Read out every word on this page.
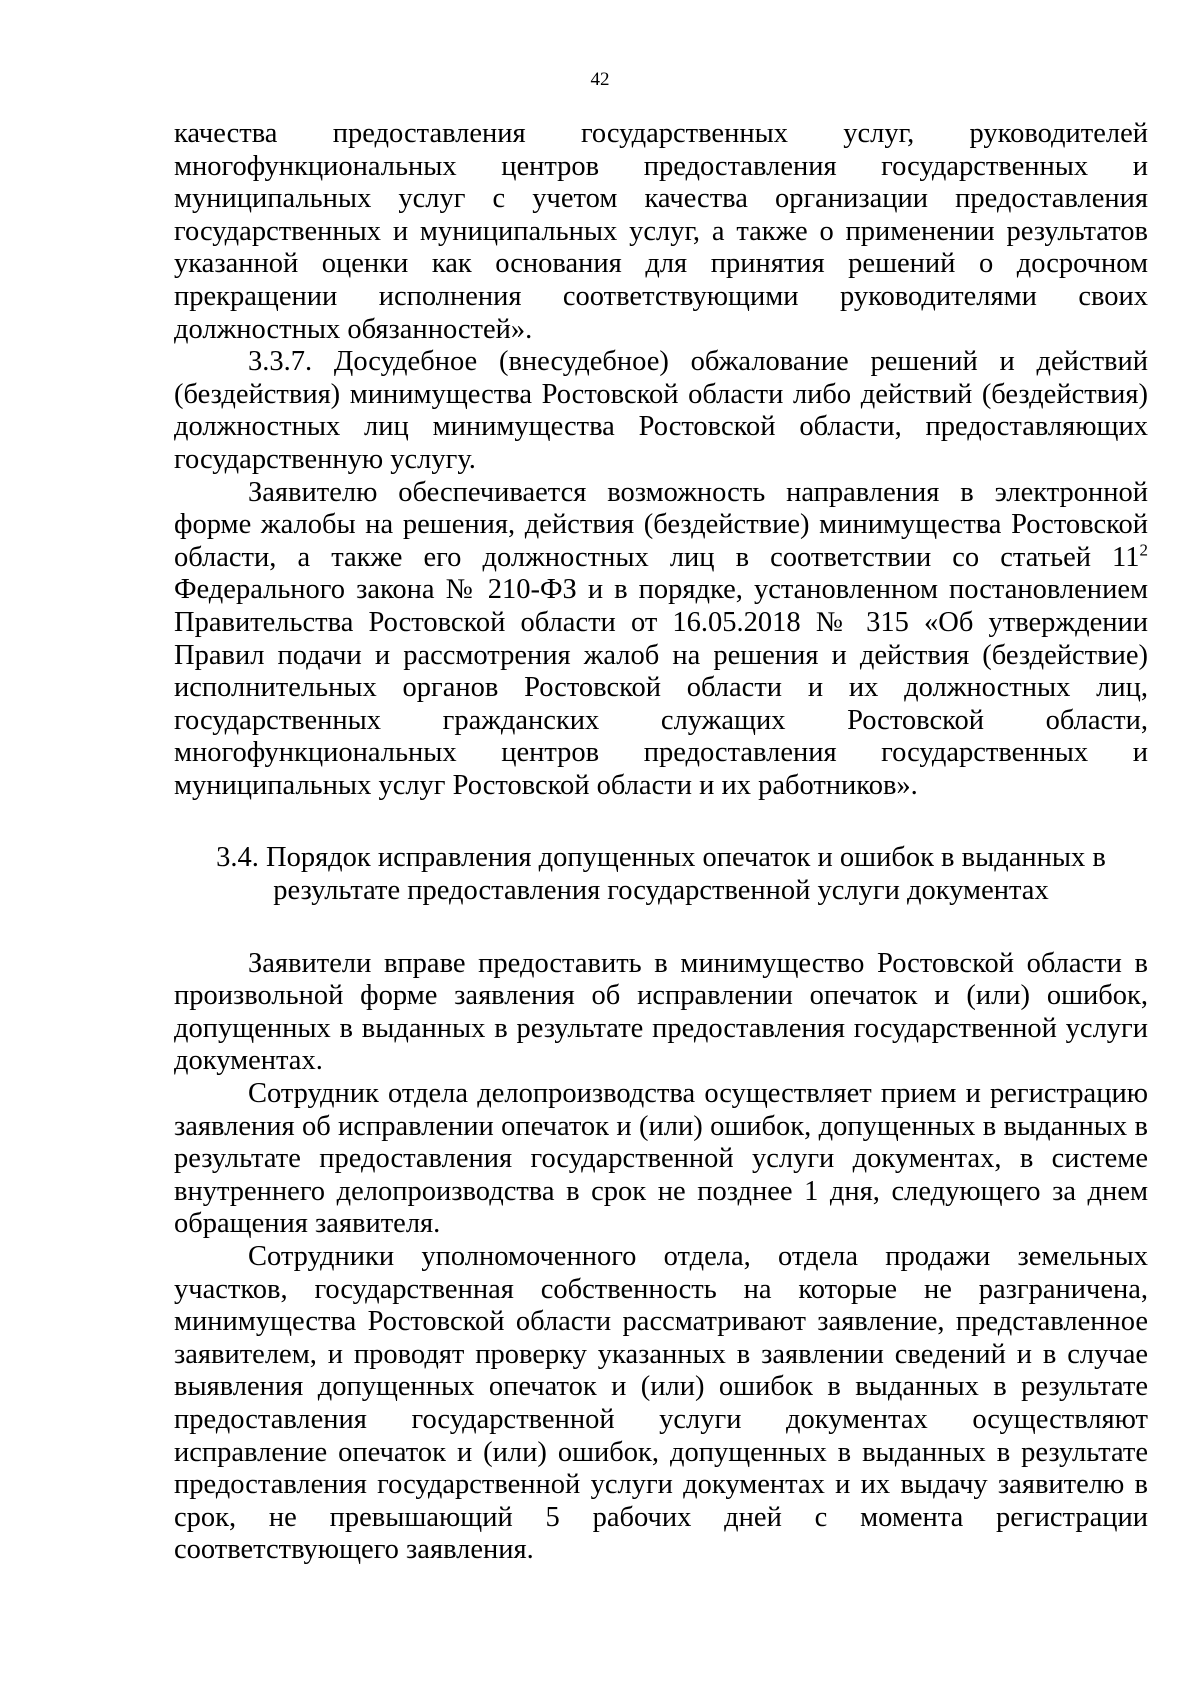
42

качества предоставления государственных услуг, руководителей многофункциональных центров предоставления государственных и муниципальных услуг с учетом качества организации предоставления государственных и муниципальных услуг, а также о применении результатов указанной оценки как основания для принятия решений о досрочном прекращении исполнения соответствующими руководителями своих должностных обязанностей».

3.3.7. Досудебное (внесудебное) обжалование решений и действий (бездействия) минимущества Ростовской области либо действий (бездействия) должностных лиц минимущества Ростовской области, предоставляющих государственную услугу.

Заявителю обеспечивается возможность направления в электронной форме жалобы на решения, действия (бездействие) минимущества Ростовской области, а также его должностных лиц в соответствии со статьей $11^2$ Федерального закона № 210-ФЗ и в порядке, установленном постановлением Правительства Ростовской области от 16.05.2018 № 315 «Об утверждении Правил подачи и рассмотрения жалоб на решения и действия (бездействие) исполнительных органов Ростовской области и их должностных лиц, государственных гражданских служащих Ростовской области, многофункциональных центров предоставления государственных и муниципальных услуг Ростовской области и их работников».

3.4. Порядок исправления допущенных опечаток и ошибок в выданных в
результате предоставления государственной услуги документах

Заявители вправе предоставить в минимущество Ростовской области в произвольной форме заявления об исправлении опечаток и (или) ошибок, допущенных в выданных в результате предоставления государственной услуги документах.

Сотрудник отдела делопроизводства осуществляет прием и регистрацию заявления об исправлении опечаток и (или) ошибок, допущенных в выданных в результате предоставления государственной услуги документах, в системе внутреннего делопроизводства в срок не позднее 1 дня, следующего за днем обращения заявителя.

Сотрудники уполномоченного отдела, отдела продажи земельных участков, государственная собственность на которые не разграничена, минимущества Ростовской области рассматривают заявление, представленное заявителем, и проводят проверку указанных в заявлении сведений и в случае выявления допущенных опечаток и (или) ошибок в выданных в результате предоставления государственной услуги документах осуществляют исправление опечаток и (или) ошибок, допущенных в выданных в результате предоставления государственной услуги документах и их выдачу заявителю в срок, не превышающий 5 рабочих дней с момента регистрации соответствующего заявления.
